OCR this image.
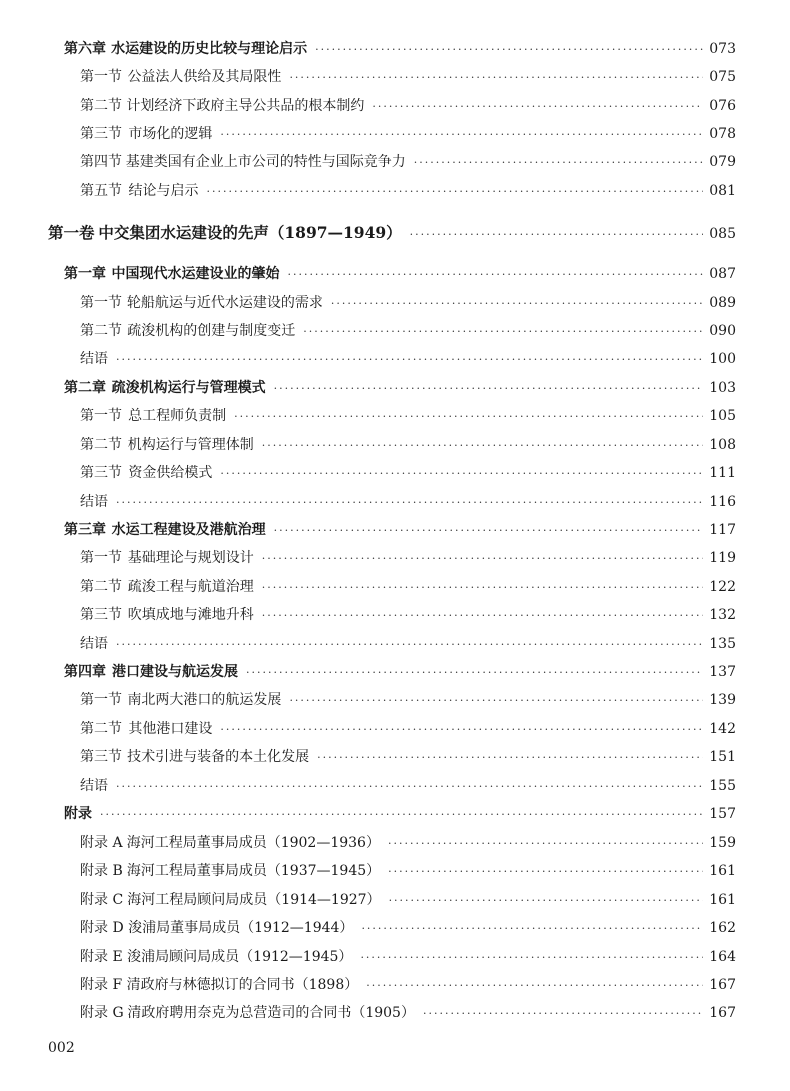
第六章 水运建设的历史比较与理论启示 ·····	073
第一节 公益法人供给及其局限性 ·····	075
第二节 计划经济下政府主导公共品的根本制约 ·····	076
第三节 市场化的逻辑 ·····	078
第四节 基建类国有企业上市公司的特性与国际竞争力 ·····	079
第五节 结论与启示 ·····	081
第一卷 中交集团水运建设的先声（1897—1949） ·····	085
第一章 中国现代水运建设业的肇始 ·····	087
第一节 轮船航运与近代水运建设的需求 ·····	089
第二节 疏浚机构的创建与制度变迁 ·····	090
结语 ·····	100
第二章 疏浚机构运行与管理模式 ·····	103
第一节 总工程师负责制 ·····	105
第二节 机构运行与管理体制 ·····	108
第三节 资金供给模式 ·····	111
结语 ·····	116
第三章 水运工程建设及港航治理 ·····	117
第一节 基础理论与规划设计 ·····	119
第二节 疏浚工程与航道治理 ·····	122
第三节 吹填成地与滩地升科 ·····	132
结语 ·····	135
第四章 港口建设与航运发展 ·····	137
第一节 南北两大港口的航运发展 ·····	139
第二节 其他港口建设 ·····	142
第三节 技术引进与装备的本土化发展 ·····	151
结语 ·····	155
附录 ·····	157
附录 A 海河工程局董事局成员（1902—1936） ·····	159
附录 B 海河工程局董事局成员（1937—1945） ·····	161
附录 C 海河工程局顾问局成员（1914—1927） ·····	161
附录 D 浚浦局董事局成员（1912—1944） ·····	162
附录 E 浚浦局顾问局成员（1912—1945） ·····	164
附录 F 清政府与林德拟订的合同书（1898） ·····	167
附录 G 清政府聘用奈克为总营造司的合同书（1905） ·····	167
002
